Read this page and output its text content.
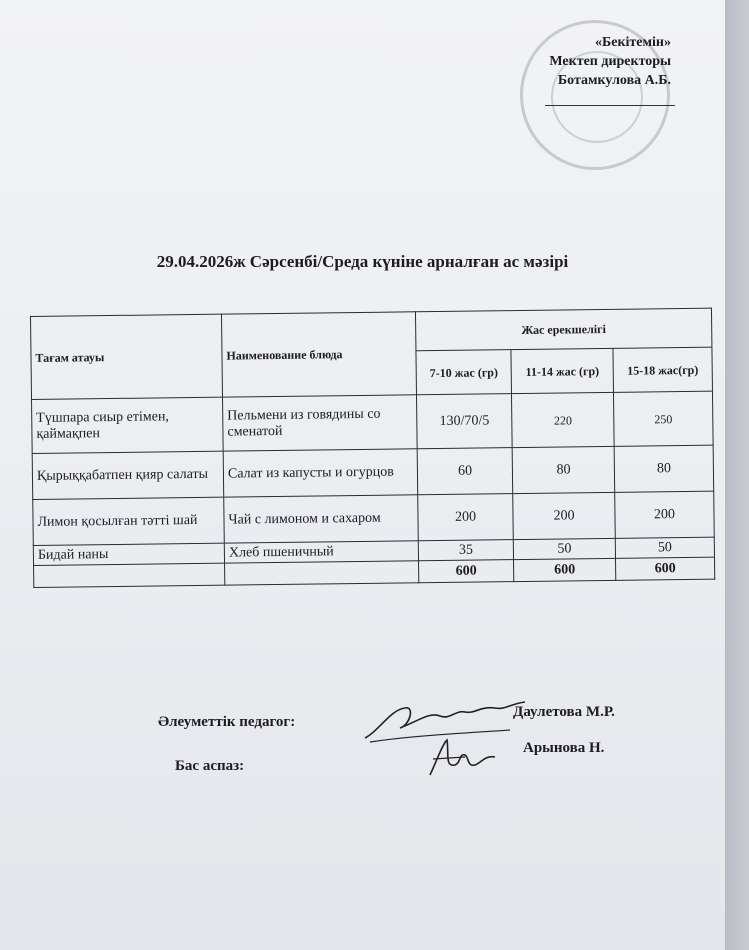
«Бекітемін»
Мектеп директоры
Ботамкулова А.Б.
29.04.2026ж Сәрсенбі/Среда күніне арналған ас мәзірі
Тағам атауы	Наименование блюда	Жас ерекшелігі		
		7-10 жас (гр)	11-14 жас (гр)	15-18 жас(гр)
Түшпара сиыр етімен, қаймақпен	Пельмени из говядины со сменатой	130/70/5	220	250
Қырыққабатпен қияр салаты	Салат из капусты и огурцов	60	80	80
Лимон қосылған тәтті шай	Чай с лимоном и сахаром	200	200	200
Бидай наны	Хлеб пшеничный	35	50	50
		600	600	600
Әлеуметтік педагог:
Даулетова М.Р.
Бас аспаз:
Арынова Н.
